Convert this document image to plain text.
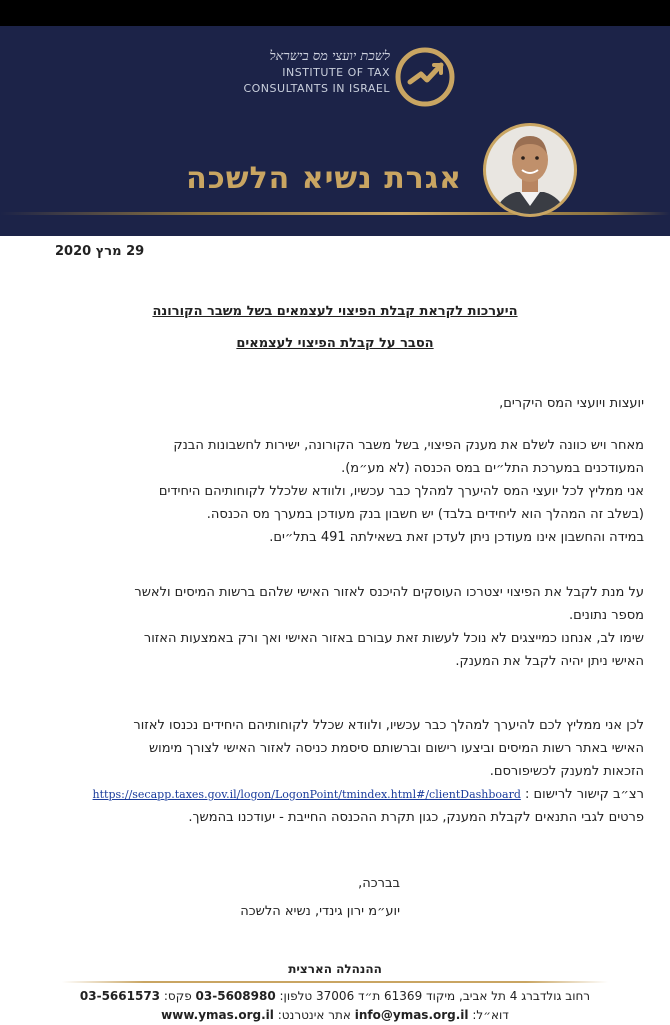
לשכת יועצי מס בישראל
INSTITUTE OF TAX
CONSULTANTS IN ISRAEL
אגרת נשיא הלשכה
29 מרץ 2020
היערכות לקראת קבלת הפיצוי לעצמאים בשל משבר הקורונה
הסבר על קבלת הפיצוי לעצמאים
יועצות ויועצי המס היקרים,
מאחר ויש כוונה לשלם את מענק הפיצוי, בשל משבר הקורונה, ישירות לחשבונות הבנק
המעודכנים במערכת התל״ים במס הכנסה (לא מע״מ).
אני ממליץ לכל יועצי המס להיערך למהלך כבר עכשיו, ולוודא שלכלל לקוחותיהם היחידים
(בשלב זה המהלך הוא ליחידים בלבד) יש חשבון בנק מעודכן במערך מס הכנסה.
במידה והחשבון אינו מעודכן ניתן לעדכן זאת בשאילתה 491 בתל״ים.
על מנת לקבל את הפיצוי יצטרכו העוסקים להיכנס לאזור האישי שלהם ברשות המיסים ולאשר
מספר נתונים.
שימו לב, אנחנו כמייצגים לא נוכל לעשות זאת עבורם באזור האישי ואך ורק באמצעות האזור
האישי ניתן יהיה לקבל את המענק.
לכן אני ממליץ לכם להיערך למהלך כבר עכשיו, ולוודא שכלל לקוחותיהם היחידים נכנסו לאזור
האישי באתר רשות המיסים וביצעו רישום וברשותם סיסמת כניסה לאזור האישי לצורך מימוש
הזכאות למענק לכשיפורסם.
רצ״ב קישור לרישום : https://secapp.taxes.gov.il/logon/LogonPoint/tmindex.html#/clientDashboard
פרטים לגבי התנאים לקבלת המענק, כגון תקרת ההכנסה החייבת - יעודכנו בהמשך.
בברכה,
יוע״מ ירון גינדי, נשיא הלשכה
ההנהלה הארצית
רחוב גולדברג 4 תל אביב, מיקוד 61369 ת״ד 37006 טלפון: 03-5608980 פקס: 03-5661573
דוא״ל: info@ymas.org.il אתר אינטרנט: www.ymas.org.il
